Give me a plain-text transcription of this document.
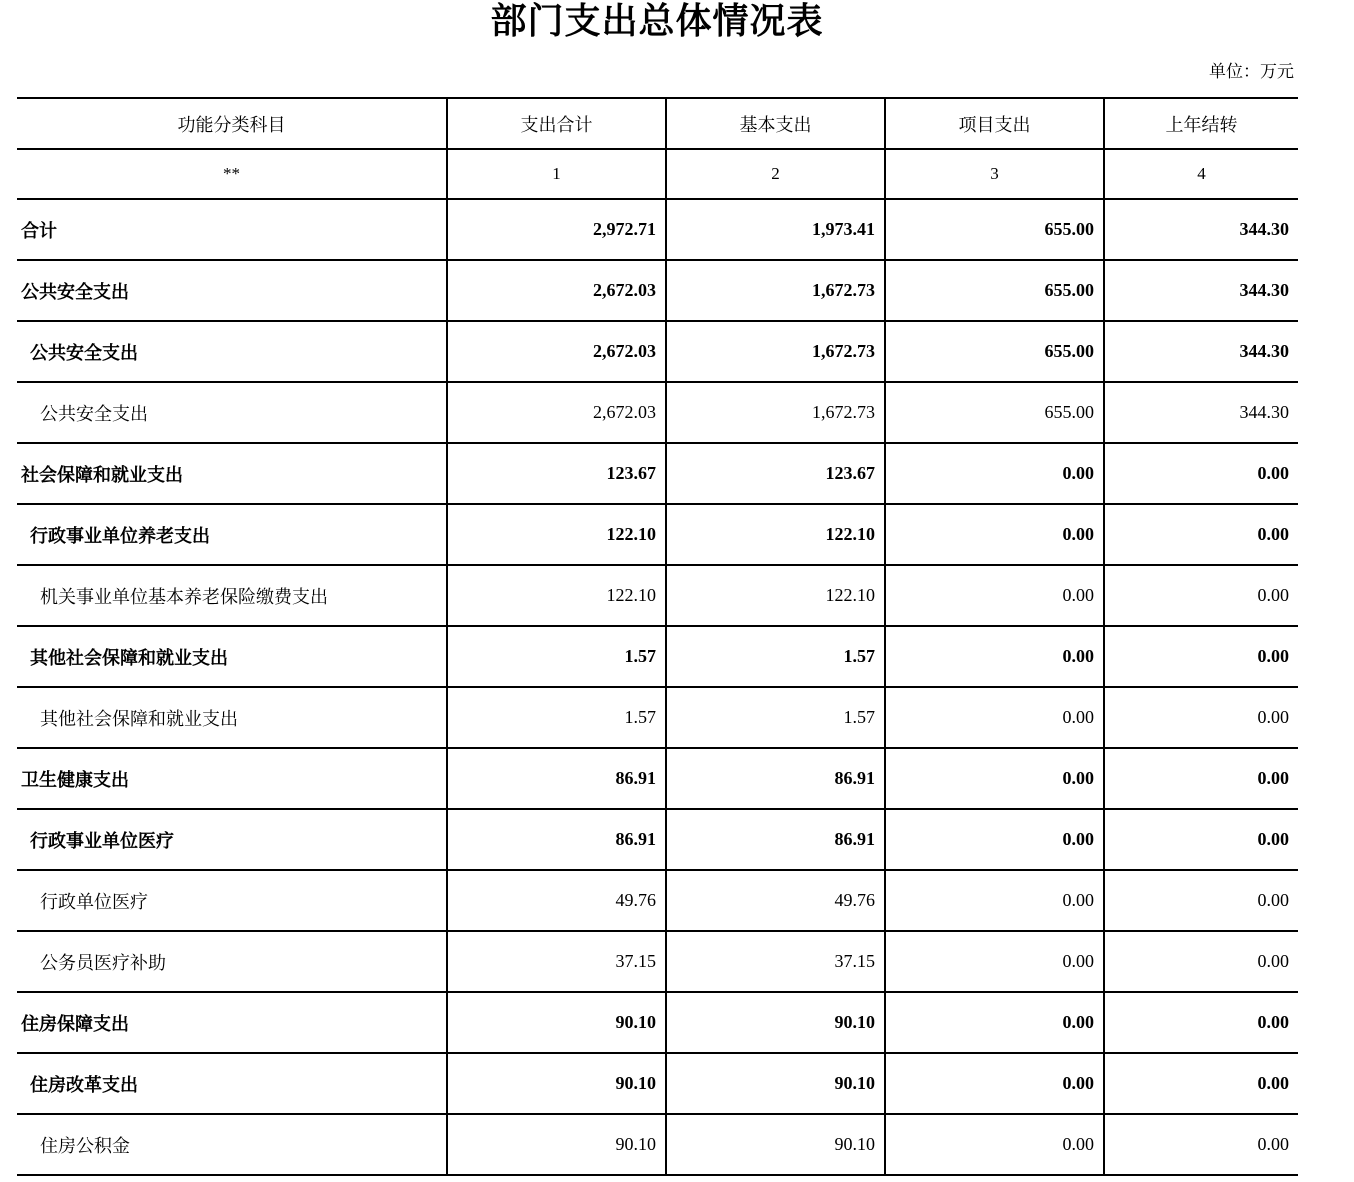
部门支出总体情况表
单位：万元
功能分类科目	支出合计	基本支出	项目支出	上年结转
**	1	2	3	4
合计	2,972.71	1,973.41	655.00	344.30
公共安全支出	2,672.03	1,672.73	655.00	344.30
公共安全支出	2,672.03	1,672.73	655.00	344.30
公共安全支出	2,672.03	1,672.73	655.00	344.30
社会保障和就业支出	123.67	123.67	0.00	0.00
行政事业单位养老支出	122.10	122.10	0.00	0.00
机关事业单位基本养老保险缴费支出	122.10	122.10	0.00	0.00
其他社会保障和就业支出	1.57	1.57	0.00	0.00
其他社会保障和就业支出	1.57	1.57	0.00	0.00
卫生健康支出	86.91	86.91	0.00	0.00
行政事业单位医疗	86.91	86.91	0.00	0.00
行政单位医疗	49.76	49.76	0.00	0.00
公务员医疗补助	37.15	37.15	0.00	0.00
住房保障支出	90.10	90.10	0.00	0.00
住房改革支出	90.10	90.10	0.00	0.00
住房公积金	90.10	90.10	0.00	0.00
